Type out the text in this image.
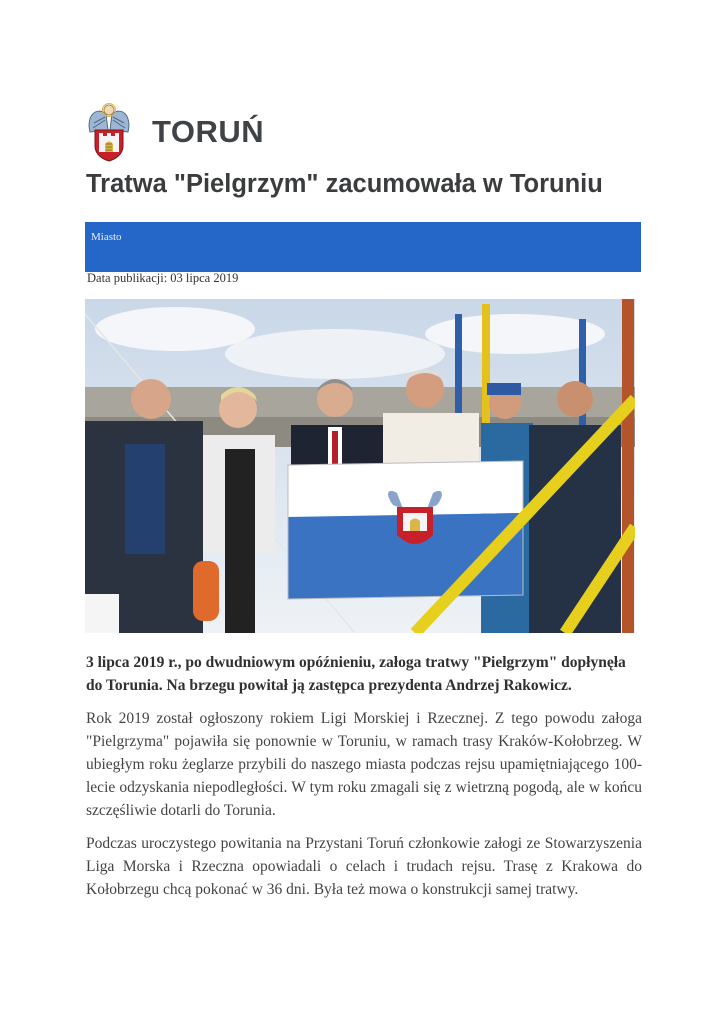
TORUŃ
Tratwa "Pielgrzym" zacumowała w Toruniu
Miasto
Data publikacji: 03 lipca 2019

3 lipca 2019 r., po dwudniowym opóźnieniu, załoga tratwy "Pielgrzym" dopłynęła do Torunia. Na brzegu powitał ją zastępca prezydenta Andrzej Rakowicz.

Rok 2019 został ogłoszony rokiem Ligi Morskiej i Rzecznej. Z tego powodu załoga "Pielgrzyma" pojawiła się ponownie w Toruniu, w ramach trasy Kraków-Kołobrzeg. W ubiegłym roku żeglarze przybili do naszego miasta podczas rejsu upamiętniającego 100-lecie odzyskania niepodległości. W tym roku zmagali się z wietrzną pogodą, ale w końcu szczęśliwie dotarli do Torunia.

Podczas uroczystego powitania na Przystani Toruń członkowie załogi ze Stowarzyszenia Liga Morska i Rzeczna opowiadali o celach i trudach rejsu. Trasę z Krakowa do Kołobrzegu chcą pokonać w 36 dni. Była też mowa o konstrukcji samej tratwy.
